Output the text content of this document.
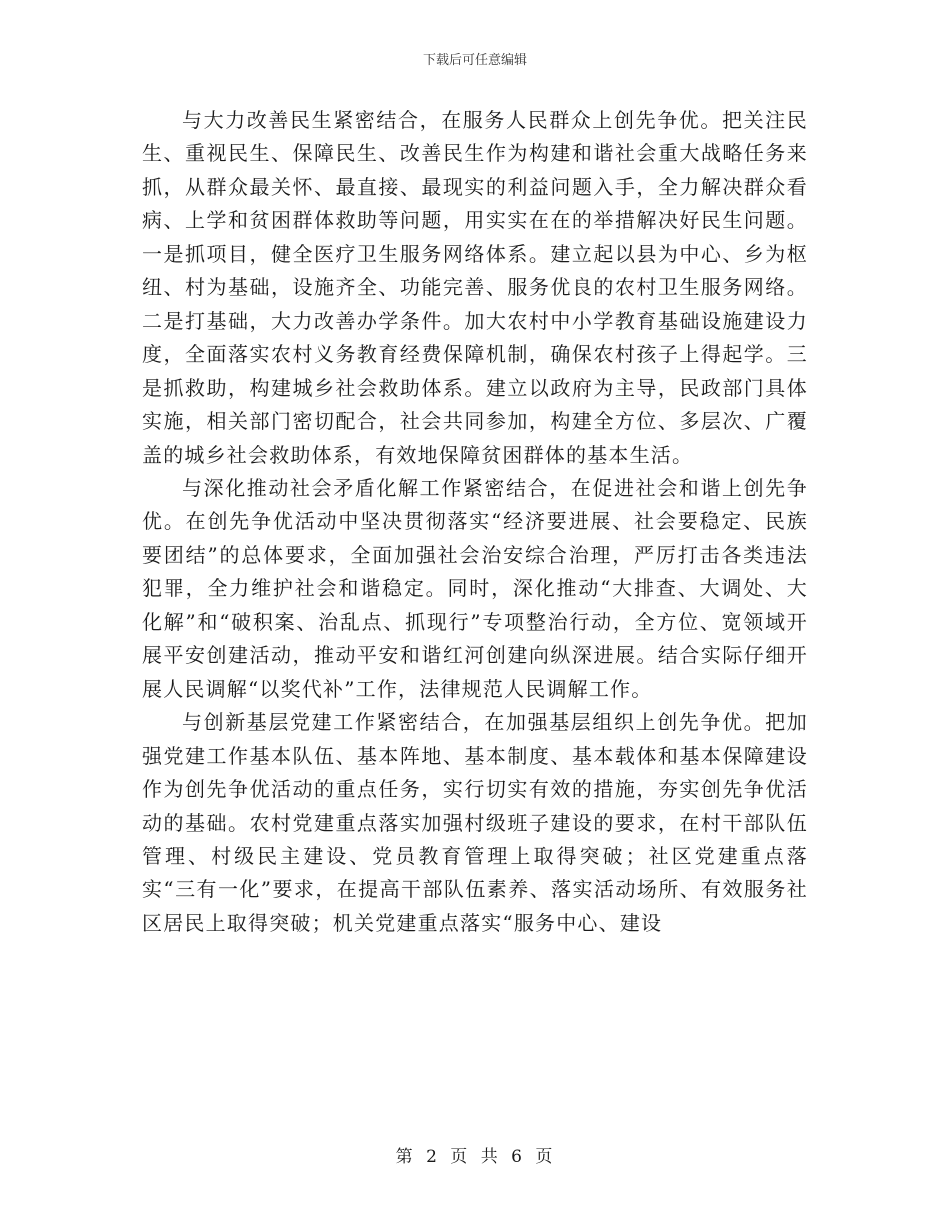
下载后可任意编辑

与大力改善民生紧密结合，在服务人民群众上创先争优。把关注民生、重视民生、保障民生、改善民生作为构建和谐社会重大战略任务来抓，从群众最关怀、最直接、最现实的利益问题入手，全力解决群众看病、上学和贫困群体救助等问题，用实实在在的举措解决好民生问题。一是抓项目，健全医疗卫生服务网络体系。建立起以县为中心、乡为枢纽、村为基础，设施齐全、功能完善、服务优良的农村卫生服务网络。二是打基础，大力改善办学条件。加大农村中小学教育基础设施建设力度，全面落实农村义务教育经费保障机制，确保农村孩子上得起学。三是抓救助，构建城乡社会救助体系。建立以政府为主导，民政部门具体实施，相关部门密切配合，社会共同参加，构建全方位、多层次、广覆盖的城乡社会救助体系，有效地保障贫困群体的基本生活。

与深化推动社会矛盾化解工作紧密结合，在促进社会和谐上创先争优。在创先争优活动中坚决贯彻落实“经济要进展、社会要稳定、民族要团结”的总体要求，全面加强社会治安综合治理，严厉打击各类违法犯罪，全力维护社会和谐稳定。同时，深化推动“大排查、大调处、大化解”和“破积案、治乱点、抓现行”专项整治行动，全方位、宽领域开展平安创建活动，推动平安和谐红河创建向纵深进展。结合实际仔细开展人民调解“以奖代补”工作，法律规范人民调解工作。

与创新基层党建工作紧密结合，在加强基层组织上创先争优。把加强党建工作基本队伍、基本阵地、基本制度、基本载体和基本保障建设作为创先争优活动的重点任务，实行切实有效的措施，夯实创先争优活动的基础。农村党建重点落实加强村级班子建设的要求，在村干部队伍管理、村级民主建设、党员教育管理上取得突破；社区党建重点落实“三有一化”要求，在提高干部队伍素养、落实活动场所、有效服务社区居民上取得突破；机关党建重点落实“服务中心、建设

第 2 页 共 6 页
